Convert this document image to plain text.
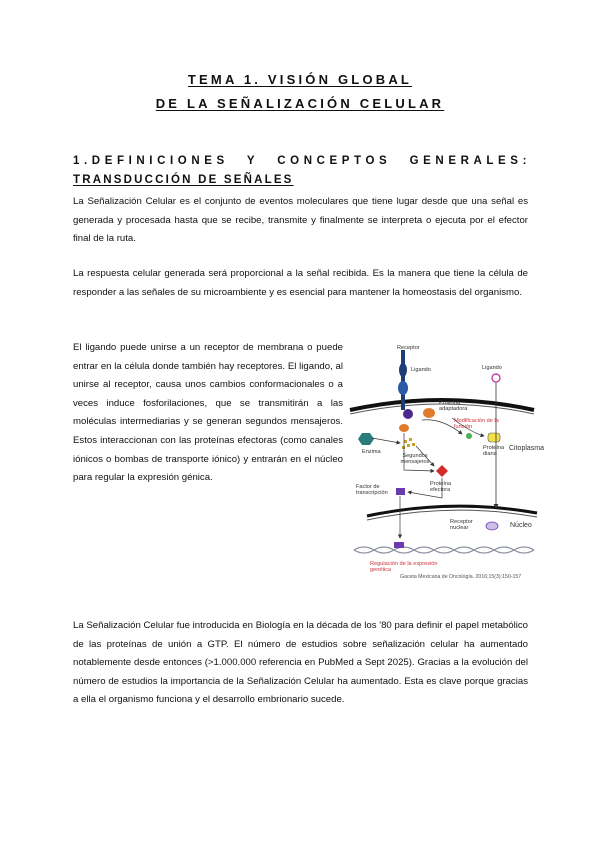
TEMA 1. VISIÓN GLOBAL
DE LA SEÑALIZACIÓN CELULAR
1.DEFINICIONES Y CONCEPTOS GENERALES:
TRANSDUCCIÓN DE SEÑALES
La Señalización Celular es el conjunto de eventos moleculares que tiene lugar desde que una señal es generada y procesada hasta que se recibe, transmite y finalmente se interpreta o ejecuta por el efector final de la ruta.
La respuesta celular generada será proporcional a la señal recibida. Es la manera que tiene la célula de responder a las señales de su microambiente y es esencial para mantener la homeostasis del organismo.
El ligando puede unirse a un receptor de membrana o puede entrar en la célula donde también hay receptores. El ligando, al unirse al receptor, causa unos cambios conformacionales o a veces induce fosforilaciones, que se transmitirán a las moléculas intermediarias y se generan segundos mensajeros. Estos interaccionan con las proteínas efectoras (como canales iónicos o bombas de transporte iónico) y entrarán en el núcleo para regular la expresión génica.
Receptor
Ligando	Ligando
Proteína adaptadora
Modificación de la función
Proteína diana
Citoplasma
Enzima
Segundos mensajeros
Factor de transcripción
Proteína efectora
Receptor nuclear	Núcleo
Regulación de la expresión genética
Gaceta Mexicana de Oncología. 2016;15(3):150-157
La Señalización Celular fue introducida en Biología en la década de los '80 para definir el papel metabólico de las proteínas de unión a GTP. El número de estudios sobre señalización celular ha aumentado notablemente desde entonces (>1.000.000 referencia en PubMed a Sept 2025). Gracias a la evolución del número de estudios la importancia de la Señalización Celular ha aumentado. Esta es clave porque gracias a ella el organismo funciona y el desarrollo embrionario sucede.
